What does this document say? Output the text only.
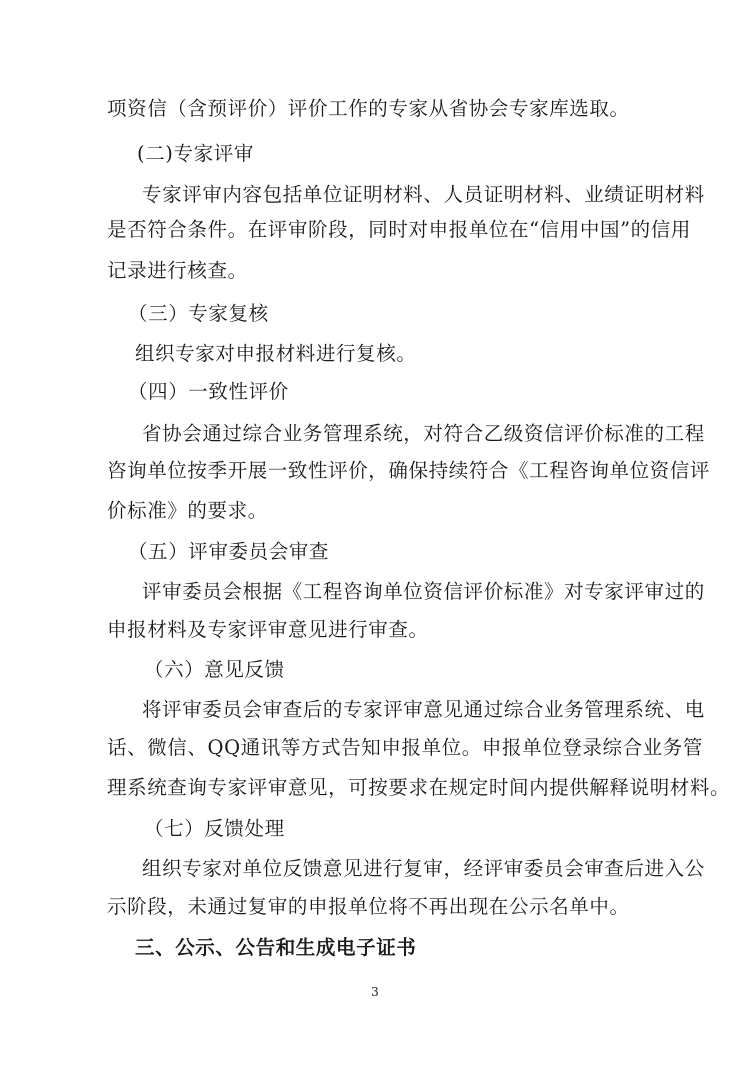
项资信（含预评价）评价工作的专家从省协会专家库选取。
(二)专家评审
专家评审内容包括单位证明材料、人员证明材料、业绩证明材料
是否符合条件。在评审阶段，同时对申报单位在“信用中国”的信用
记录进行核查。
（三）专家复核
组织专家对申报材料进行复核。
（四）一致性评价
省协会通过综合业务管理系统，对符合乙级资信评价标准的工程
咨询单位按季开展一致性评价，确保持续符合《工程咨询单位资信评
价标准》的要求。
（五）评审委员会审查
评审委员会根据《工程咨询单位资信评价标准》对专家评审过的
申报材料及专家评审意见进行审查。
（六）意见反馈
将评审委员会审查后的专家评审意见通过综合业务管理系统、电
话、微信、QQ通讯等方式告知申报单位。申报单位登录综合业务管
理系统查询专家评审意见，可按要求在规定时间内提供解释说明材料。
（七）反馈处理
组织专家对单位反馈意见进行复审，经评审委员会审查后进入公
示阶段，未通过复审的申报单位将不再出现在公示名单中。
三、公示、公告和生成电子证书
3
